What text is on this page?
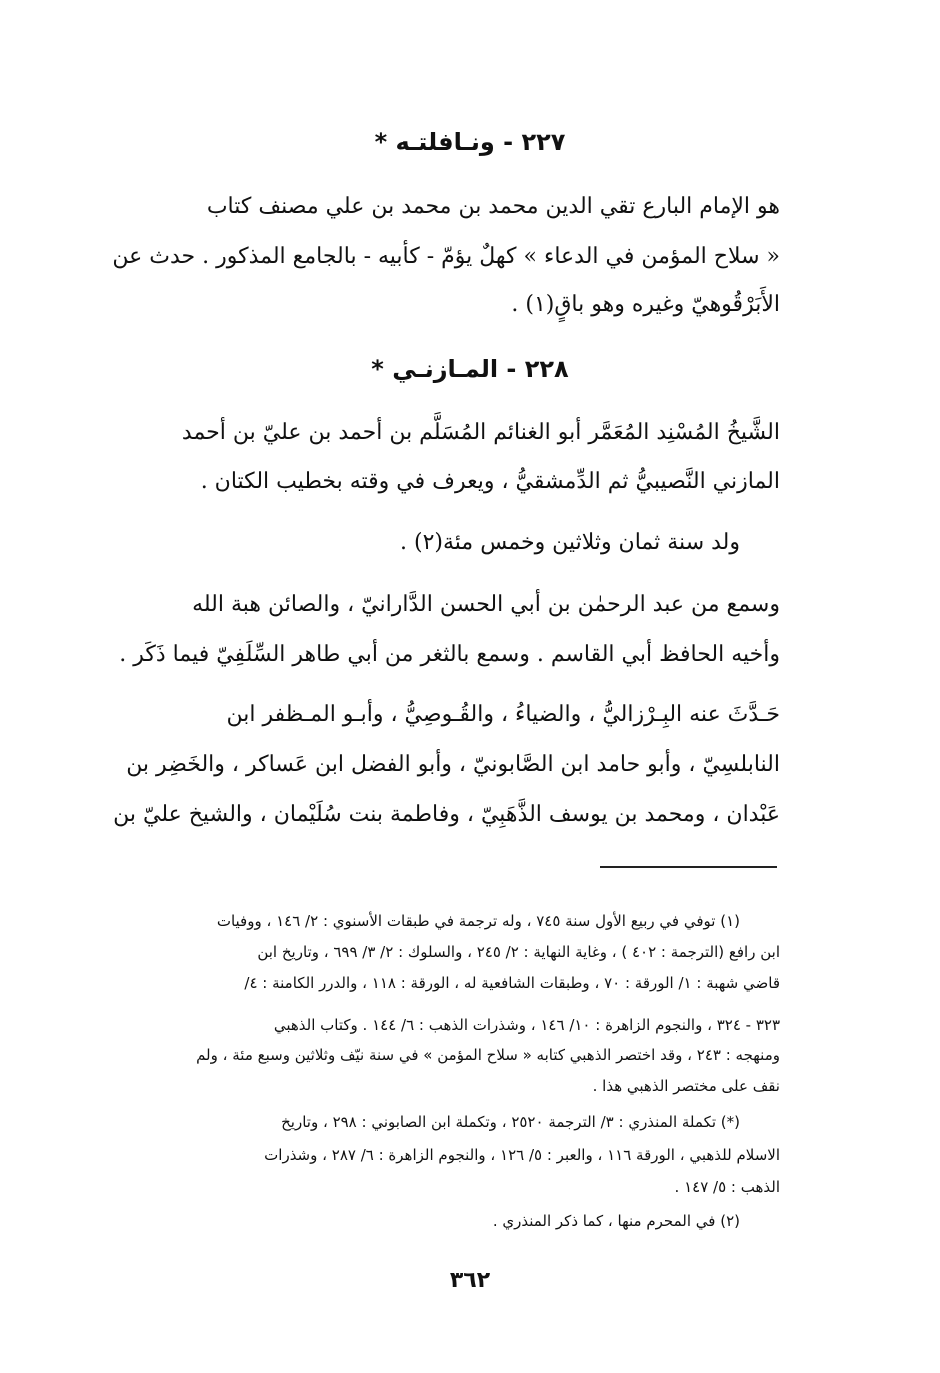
٢٢٧ - ونـافلتـه *
هو الإمام البارع تقي الدين محمد بن محمد بن علي مصنف كتاب
« سلاح المؤمن في الدعاء » كهلٌ يؤمّ - كأبيه - بالجامع المذكور . حدث عن
الأَبَرْقُوهيّ وغيره وهو باقٍ(١) .
٢٢٨ - المـازنـي *
الشَّيخُ المُسْنِد المُعَمَّر أبو الغنائم المُسَلَّم بن أحمد بن عليّ بن أحمد
المازني النَّصيبيُّ ثم الدِّمشقيُّ ، ويعرف في وقته بخطيب الكتان .
ولد سنة ثمان وثلاثين وخمس مئة(٢) .
وسمع من عبد الرحمٰن بن أبي الحسن الدَّارانيّ ، والصائن هبة الله
وأخيه الحافظ أبي القاسم . وسمع بالثغر من أبي طاهر السِّلَفِيّ فيما ذَكَر .
حَـدَّثَ عنه البِـرْزاليُّ ، والضياءُ ، والقُـوصِيُّ ، وأبـو المـظفر ابن
النابلسِيّ ، وأبو حامد ابن الصَّابونيّ ، وأبو الفضل ابن عَساكر ، والخَضِر بن
عَبْدان ، ومحمد بن يوسف الذَّهَبِيّ ، وفاطمة بنت سُلَيْمان ، والشيخ عليّ بن
(١) توفي في ربيع الأول سنة ٧٤٥ ، وله ترجمة في طبقات الأسنوي : ٢/ ١٤٦ ، ووفيات
ابن رافع (الترجمة : ٤٠٢ ) ، وغاية النهاية : ٢/ ٢٤٥ ، والسلوك : ٢/ ٣/ ٦٩٩ ، وتاريخ ابن
قاضي شهبة : ١/ الورقة : ٧٠ ، وطبقات الشافعية له ، الورقة : ١١٨ ، والدرر الكامنة : ٤/
٣٢٣ - ٣٢٤ ، والنجوم الزاهرة : ١٠/ ١٤٦ ، وشذرات الذهب : ٦/ ١٤٤ . وكتاب الذهبي
ومنهجه : ٢٤٣ ، وقد اختصر الذهبي كتابه « سلاح المؤمن » في سنة نيّف وثلاثين وسبع مئة ، ولم
نقف على مختصر الذهبي هذا .
(*) تكملة المنذري : ٣/ الترجمة ٢٥٢٠ ، وتكملة ابن الصابوني : ٢٩٨ ، وتاريخ
الاسلام للذهبي ، الورقة ١١٦ ، والعبر : ٥/ ١٢٦ ، والنجوم الزاهرة : ٦/ ٢٨٧ ، وشذرات
الذهب : ٥/ ١٤٧ .
(٢) في المحرم منها ، كما ذكر المنذري .
٣٦٢
